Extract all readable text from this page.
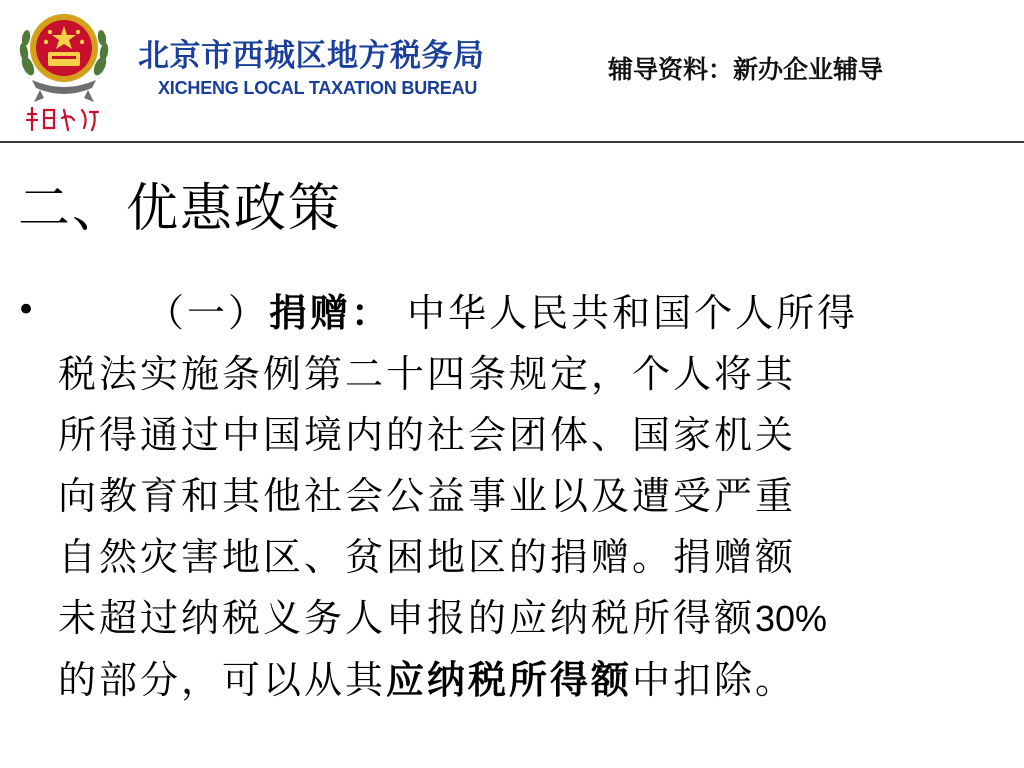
北京市西城区地方税务局
XICHENG LOCAL TAXATION BUREAU
辅导资料：新办企业辅导
二、优惠政策
•	（一）捐赠： 中华人民共和国个人所得
税法实施条例第二十四条规定，个人将其
所得通过中国境内的社会团体、国家机关
向教育和其他社会公益事业以及遭受严重
自然灾害地区、贫困地区的捐赠。捐赠额
未超过纳税义务人申报的应纳税所得额30%
的部分，可以从其应纳税所得额中扣除。
